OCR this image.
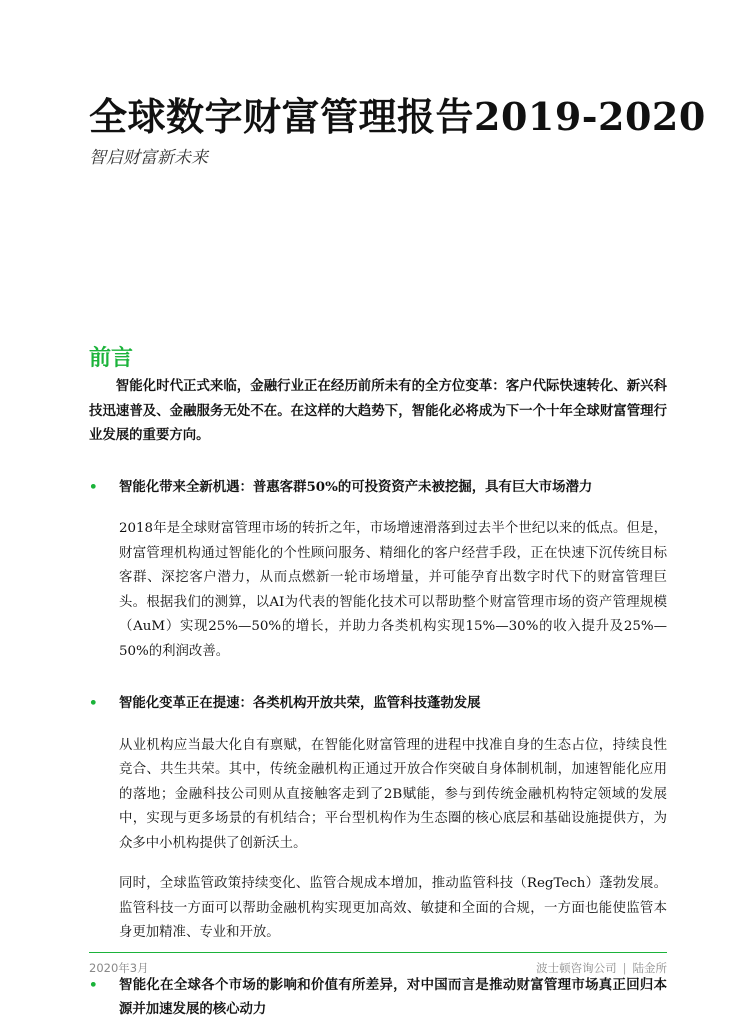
全球数字财富管理报告2019-2020
智启财富新未来
前言

智能化时代正式来临，金融行业正在经历前所未有的全方位变革：客户代际快速转化、新兴科技迅速普及、金融服务无处不在。在这样的大趋势下，智能化必将成为下一个十年全球财富管理行业发展的重要方向。

• 智能化带来全新机遇：普惠客群50%的可投资资产未被挖掘，具有巨大市场潜力

2018年是全球财富管理市场的转折之年，市场增速滑落到过去半个世纪以来的低点。但是，财富管理机构通过智能化的个性顾问服务、精细化的客户经营手段，正在快速下沉传统目标客群、深挖客户潜力，从而点燃新一轮市场增量，并可能孕育出数字时代下的财富管理巨头。根据我们的测算，以AI为代表的智能化技术可以帮助整个财富管理市场的资产管理规模（AuM）实现25%—50%的增长，并助力各类机构实现15%—30%的收入提升及25%—50%的利润改善。

• 智能化变革正在提速：各类机构开放共荣，监管科技蓬勃发展

从业机构应当最大化自有禀赋，在智能化财富管理的进程中找准自身的生态占位，持续良性竞合、共生共荣。其中，传统金融机构正通过开放合作突破自身体制机制，加速智能化应用的落地；金融科技公司则从直接触客走到了2B赋能，参与到传统金融机构特定领域的发展中，实现与更多场景的有机结合；平台型机构作为生态圈的核心底层和基础设施提供方，为众多中小机构提供了创新沃土。

同时，全球监管政策持续变化、监管合规成本增加，推动监管科技（RegTech）蓬勃发展。监管科技一方面可以帮助金融机构实现更加高效、敏捷和全面的合规，一方面也能使监管本身更加精准、专业和开放。

• 智能化在全球各个市场的影响和价值有所差异，对中国而言是推动财富管理市场真正回归本源并加速发展的核心动力

2020年3月	波士顿咨询公司 | 陆金所
